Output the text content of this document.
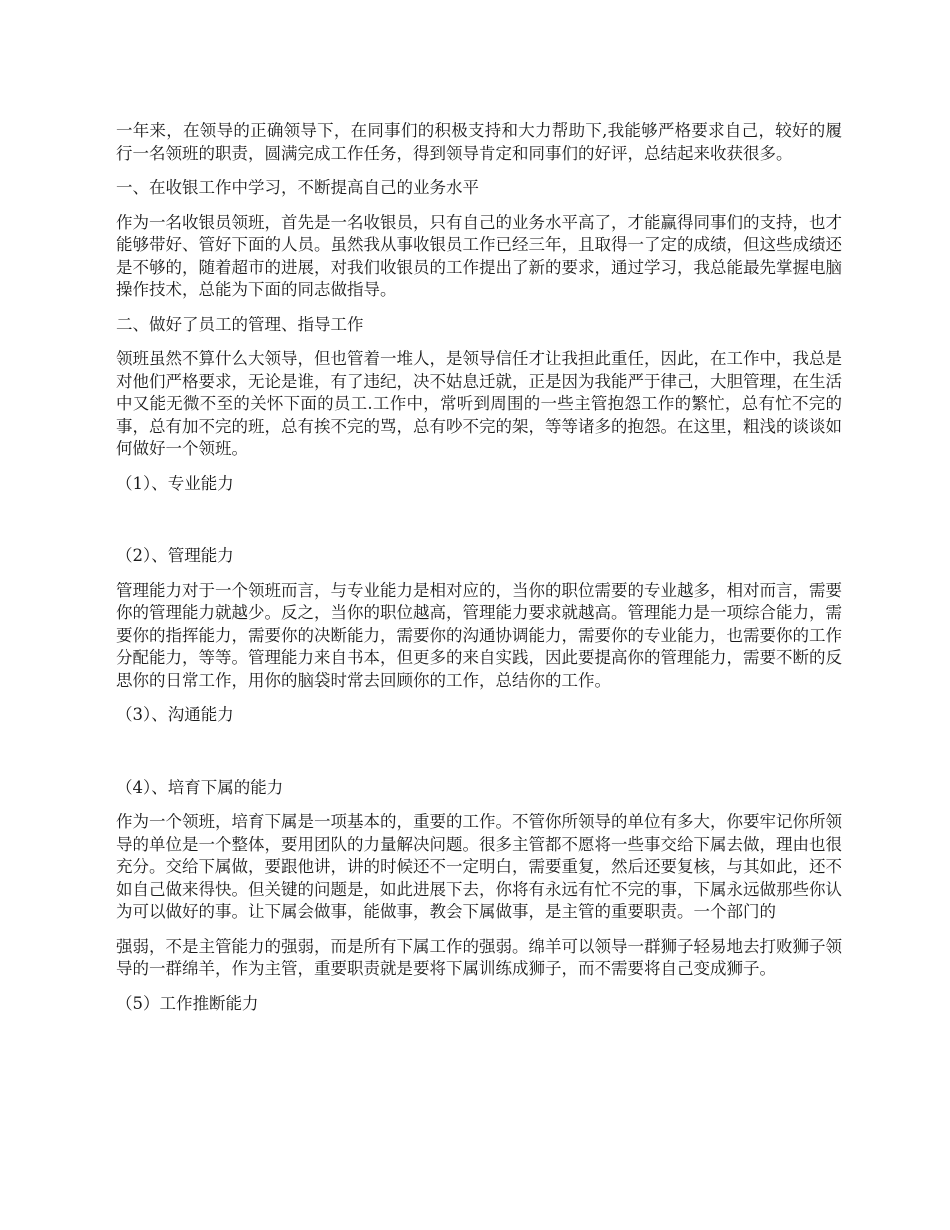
一年来，在领导的正确领导下，在同事们的积极支持和大力帮助下,我能够严格要求自己，较好的履行一名领班的职责，圆满完成工作任务，得到领导肯定和同事们的好评，总结起来收获很多。

一、在收银工作中学习，不断提高自己的业务水平

作为一名收银员领班，首先是一名收银员，只有自己的业务水平高了，才能赢得同事们的支持，也才能够带好、管好下面的人员。虽然我从事收银员工作已经三年，且取得一了定的成绩，但这些成绩还是不够的，随着超市的进展，对我们收银员的工作提出了新的要求，通过学习，我总能最先掌握电脑操作技术，总能为下面的同志做指导。

二、做好了员工的管理、指导工作

领班虽然不算什么大领导，但也管着一堆人，是领导信任才让我担此重任，因此，在工作中，我总是对他们严格要求，无论是谁，有了违纪，决不姑息迁就，正是因为我能严于律己，大胆管理，在生活中又能无微不至的关怀下面的员工.工作中，常听到周围的一些主管抱怨工作的繁忙，总有忙不完的事，总有加不完的班，总有挨不完的骂，总有吵不完的架，等等诸多的抱怨。在这里，粗浅的谈谈如何做好一个领班。

（1）、专业能力

（2）、管理能力

管理能力对于一个领班而言，与专业能力是相对应的，当你的职位需要的专业越多，相对而言，需要你的管理能力就越少。反之，当你的职位越高，管理能力要求就越高。管理能力是一项综合能力，需要你的指挥能力，需要你的决断能力，需要你的沟通协调能力，需要你的专业能力，也需要你的工作分配能力，等等。管理能力来自书本，但更多的来自实践，因此要提高你的管理能力，需要不断的反思你的日常工作，用你的脑袋时常去回顾你的工作，总结你的工作。

（3）、沟通能力

（4）、培育下属的能力

作为一个领班，培育下属是一项基本的，重要的工作。不管你所领导的单位有多大，你要牢记你所领导的单位是一个整体，要用团队的力量解决问题。很多主管都不愿将一些事交给下属去做，理由也很充分。交给下属做，要跟他讲，讲的时候还不一定明白，需要重复，然后还要复核，与其如此，还不如自己做来得快。但关键的问题是，如此进展下去，你将有永远有忙不完的事，下属永远做那些你认为可以做好的事。让下属会做事，能做事，教会下属做事，是主管的重要职责。一个部门的

强弱，不是主管能力的强弱，而是所有下属工作的强弱。绵羊可以领导一群狮子轻易地去打败狮子领导的一群绵羊，作为主管，重要职责就是要将下属训练成狮子，而不需要将自己变成狮子。

（5）工作推断能力
